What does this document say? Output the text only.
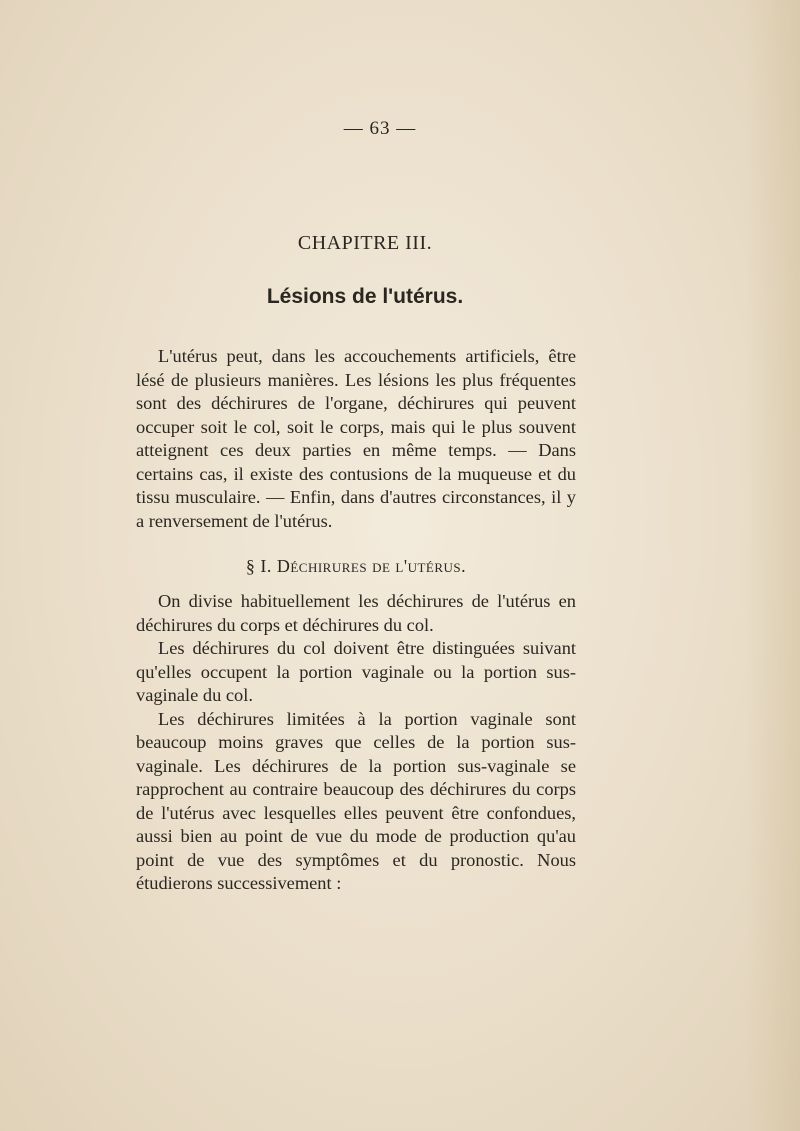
— 63 —
CHAPITRE III.
Lésions de l'utérus.

L'utérus peut, dans les accouchements artificiels, être lésé de plusieurs manières. Les lésions les plus fréquentes sont des déchirures de l'organe, déchirures qui peuvent occuper soit le col, soit le corps, mais qui le plus souvent atteignent ces deux parties en même temps. — Dans certains cas, il existe des contusions de la muqueuse et du tissu musculaire. — Enfin, dans d'autres circonstances, il y a renversement de l'utérus.

§ I. Déchirures de l'utérus.

On divise habituellement les déchirures de l'utérus en déchirures du corps et déchirures du col.

Les déchirures du col doivent être distinguées suivant qu'elles occupent la portion vaginale ou la portion sus-vaginale du col.

Les déchirures limitées à la portion vaginale sont beaucoup moins graves que celles de la portion sus-vaginale. Les déchirures de la portion sus-vaginale se rapprochent au contraire beaucoup des déchirures du corps de l'utérus avec lesquelles elles peuvent être confondues, aussi bien au point de vue du mode de production qu'au point de vue des symptômes et du pronostic. Nous étudierons successivement :
